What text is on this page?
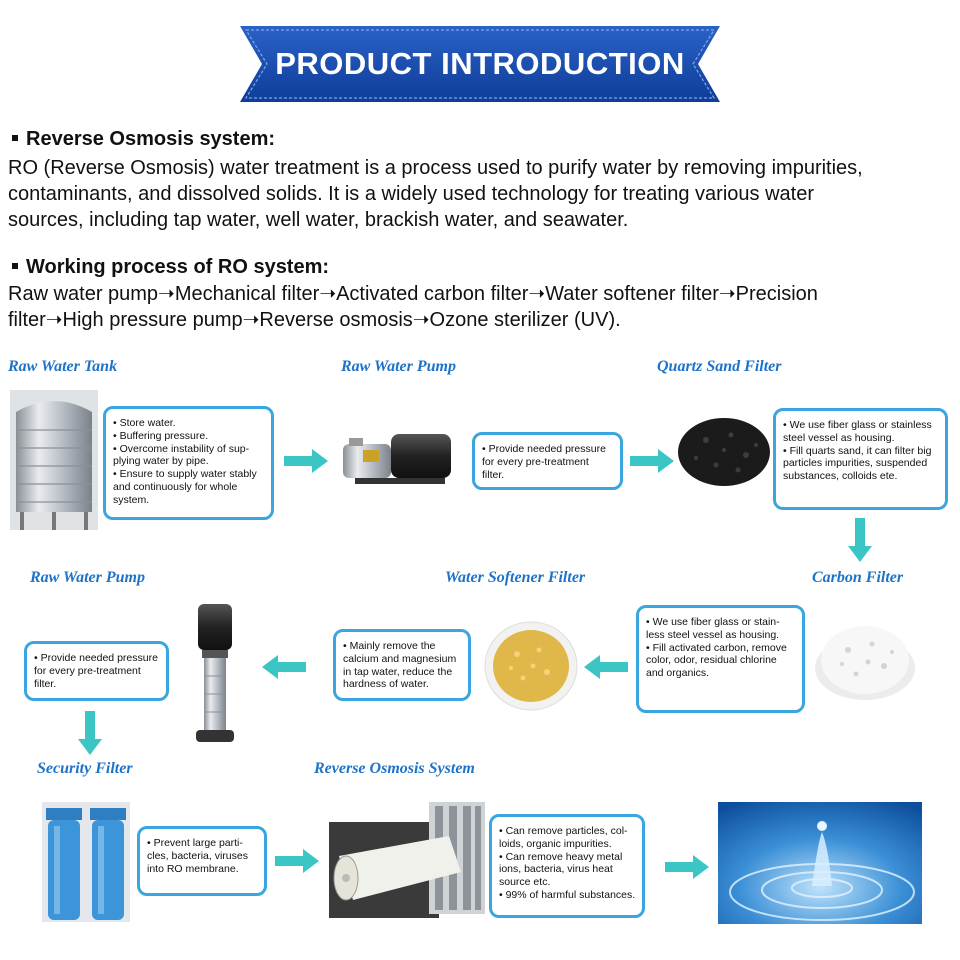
PRODUCT INTRODUCTION
Reverse Osmosis system:
RO (Reverse Osmosis) water treatment is a process used to purify water by removing impurities,
contaminants, and dissolved solids. It is a widely used technology for treating various water
sources, including tap water, well water, brackish water, and seawater.
Working process of RO system:
Raw water pump➝Mechanical filter➝Activated carbon filter➝Water softener filter➝Precision
filter➝High pressure pump➝Reverse osmosis➝Ozone sterilizer (UV).
Raw Water Tank	Raw Water Pump	Quartz Sand Filter
• Store water.
• Buffering pressure.
• Overcome instability of sup-
plying water by pipe.
• Ensure to supply water stably
and continuously for whole
system.
• Provide needed pressure
for every pre-treatment
filter.
• We use fiber glass or stainless
steel vessel as housing.
• Fill quarts sand, it can filter big
particles impurities, suspended
substances, colloids ete.
Raw Water Pump	Water Softener Filter	Carbon Filter
• Provide needed pressure
for every pre-treatment
filter.
• Mainly remove the
calcium and magnesium
in tap water, reduce the
hardness of water.
• We use fiber glass or stain-
less steel vessel as housing.
• Fill activated carbon, remove
color, odor, residual chlorine
and organics.
Security Filter	Reverse Osmosis System
• Prevent large parti-
cles, bacteria, viruses
into RO membrane.
• Can remove particles, col-
loids, organic impurities.
• Can remove heavy metal
ions, bacteria, virus heat
source etc.
• 99% of harmful substances.
